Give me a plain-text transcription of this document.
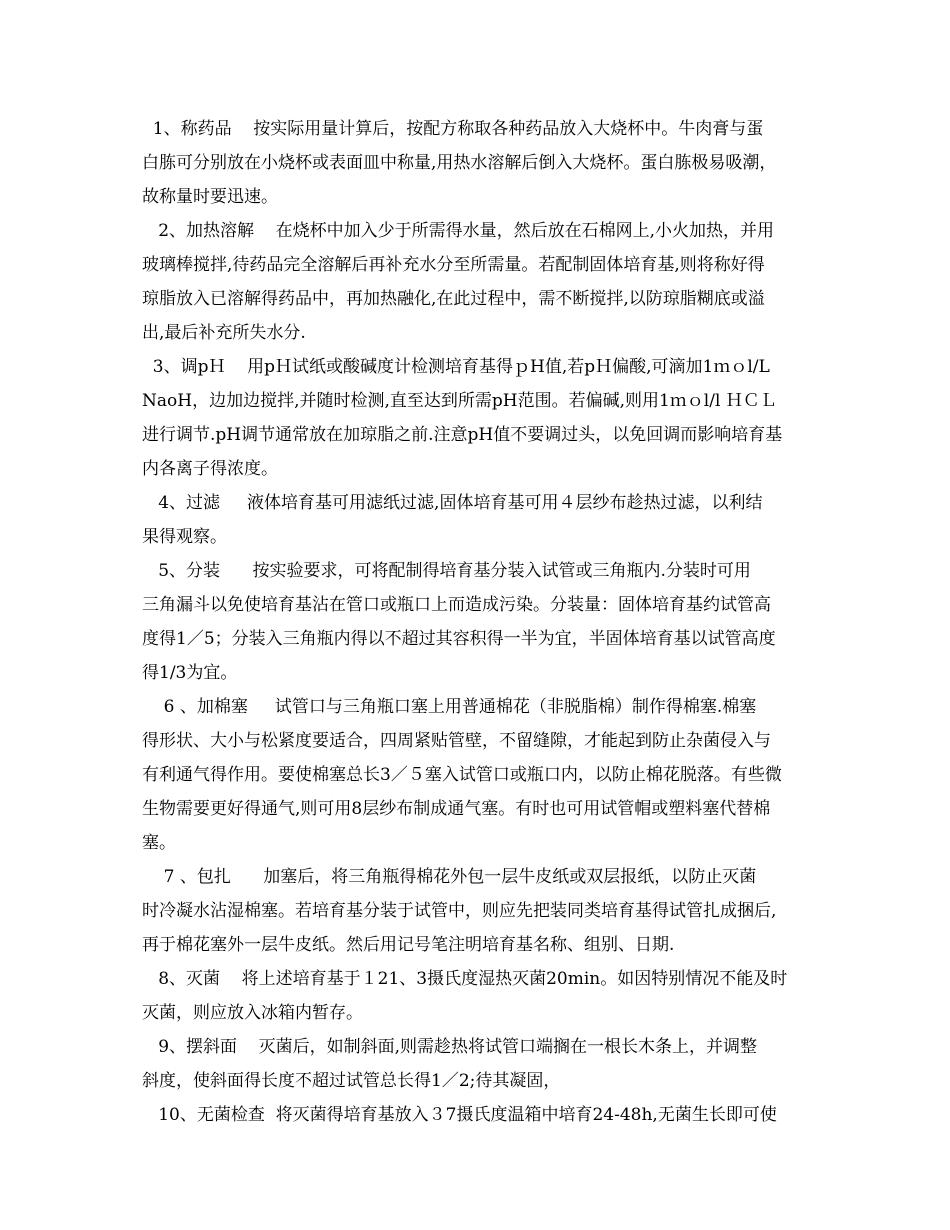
1、称药品    按实际用量计算后，按配方称取各种药品放入大烧杯中。牛肉膏与蛋

白胨可分别放在小烧杯或表面皿中称量,用热水溶解后倒入大烧杯。蛋白胨极易吸潮，

故称量时要迅速。

2、加热溶解    在烧杯中加入少于所需得水量，然后放在石棉网上,小火加热，并用

玻璃棒搅拌,待药品完全溶解后再补充水分至所需量。若配制固体培育基,则将称好得

琼脂放入已溶解得药品中，再加热融化,在此过程中，需不断搅拌,以防琼脂糊底或溢

出,最后补充所失水分.

3、调pＨ    用pＨ试纸或酸碱度计检测培育基得ｐH值,若pＨ偏酸,可滴加1ｍｏl/L

NaoH，边加边搅拌,并随时检测,直至达到所需pH范围。若偏碱,则用1ｍｏl/l ＨＣＬ

进行调节.pH调节通常放在加琼脂之前.注意pH值不要调过头，以免回调而影响培育基

内各离子得浓度。

4、过滤     液体培育基可用滤纸过滤,固体培育基可用４层纱布趁热过滤，以利结

果得观察。

5、分装      按实验要求，可将配制得培育基分装入试管或三角瓶内.分装时可用

三角漏斗以免使培育基沾在管口或瓶口上而造成污染。分装量：固体培育基约试管高

度得1／5；分装入三角瓶内得以不超过其容积得一半为宜，半固体培育基以试管高度

得1/3为宜。

6 、加棉塞     试管口与三角瓶口塞上用普通棉花（非脱脂棉）制作得棉塞.棉塞

得形状、大小与松紧度要适合，四周紧贴管壁，不留缝隙，才能起到防止杂菌侵入与

有利通气得作用。要使棉塞总长3／５塞入试管口或瓶口内，以防止棉花脱落。有些微

生物需要更好得通气,则可用8层纱布制成通气塞。有时也可用试管帽或塑料塞代替棉

塞。

7 、包扎      加塞后，将三角瓶得棉花外包一层牛皮纸或双层报纸，以防止灭菌

时冷凝水沾湿棉塞。若培育基分装于试管中，则应先把装同类培育基得试管扎成捆后,

再于棉花塞外一层牛皮纸。然后用记号笔注明培育基名称、组别、日期.

8、灭菌    将上述培育基于１21、3摄氏度湿热灭菌20min。如因特别情况不能及时

灭菌，则应放入冰箱内暂存。

9、摆斜面    灭菌后，如制斜面,则需趁热将试管口端搁在一根长木条上，并调整

斜度，使斜面得长度不超过试管总长得1／2;待其凝固，

10、无菌检查  将灭菌得培育基放入３7摄氏度温箱中培育24-48h,无菌生长即可使
